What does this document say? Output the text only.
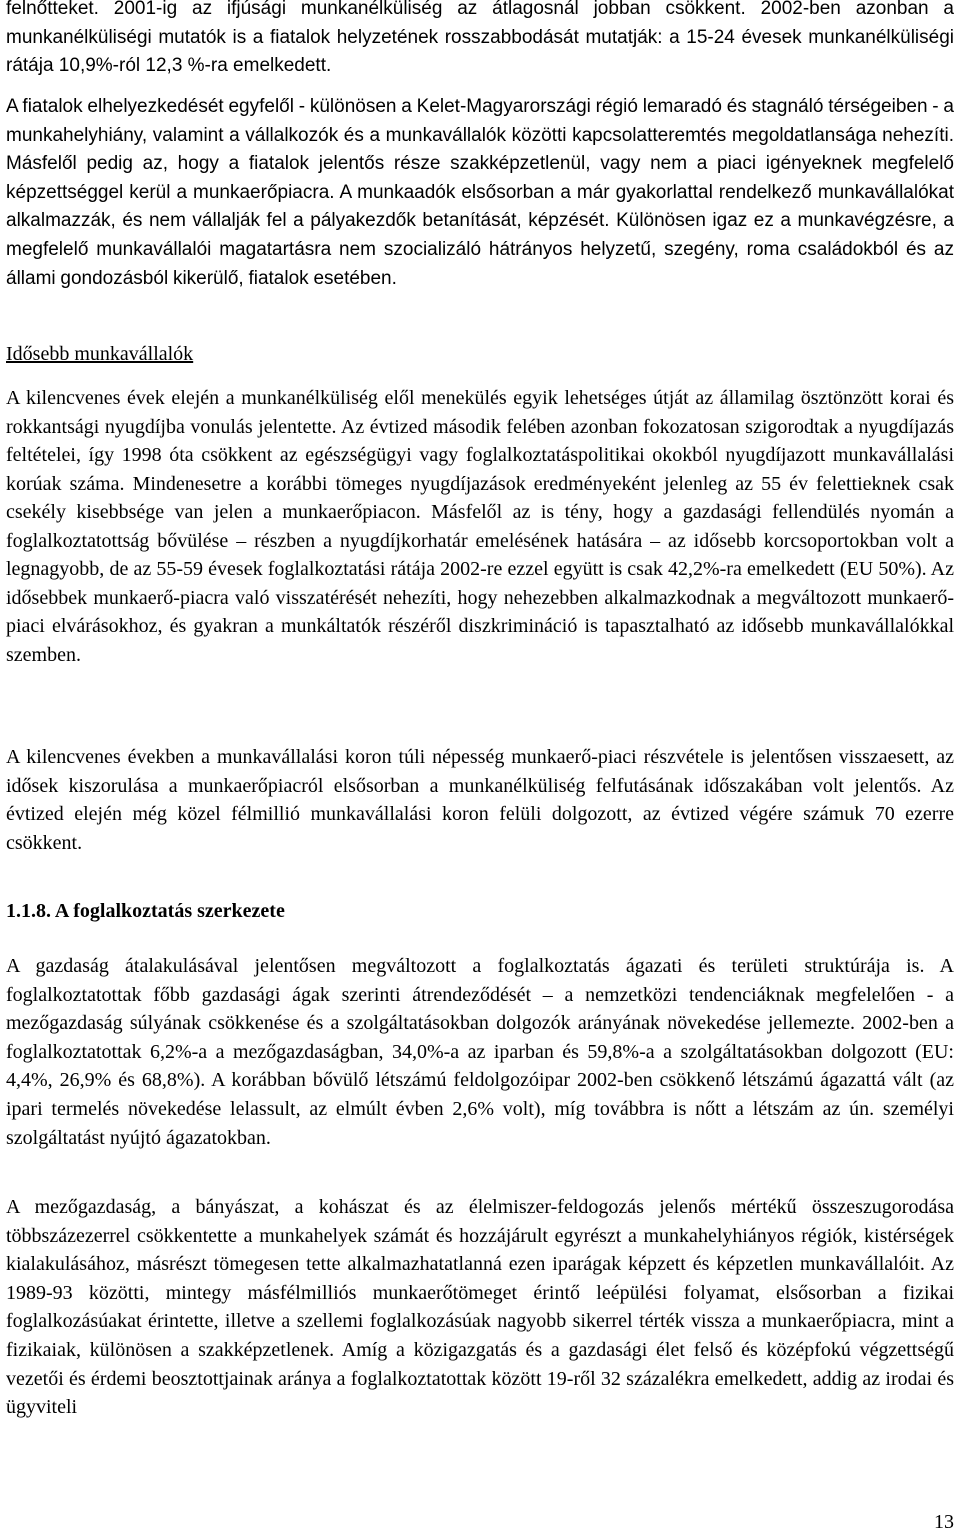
felnőtteket. 2001-ig az ifjúsági munkanélküliség az átlagosnál jobban csökkent. 2002-ben azonban a munkanélküliségi mutatók is a fiatalok helyzetének rosszabbodását mutatják: a 15-24 évesek munkanélküliségi rátája 10,9%-ról 12,3 %-ra emelkedett.

A fiatalok elhelyezkedését egyfelől - különösen a Kelet-Magyarországi régió lemaradó és stagnáló térségeiben - a munkahelyhiány, valamint a vállalkozók és a munkavállalók közötti kapcsolatteremtés megoldatlansága nehezíti. Másfelől pedig az, hogy a fiatalok jelentős része szakképzetlenül, vagy nem a piaci igényeknek megfelelő képzettséggel kerül a munkaerőpiacra. A munkaadók elsősorban a már gyakorlattal rendelkező munkavállalókat alkalmazzák, és nem vállalják fel a pályakezdők betanítását, képzését. Különösen igaz ez a munkavégzésre, a megfelelő munkavállalói magatartásra nem szocializáló hátrányos helyzetű, szegény, roma családokból és az állami gondozásból kikerülő, fiatalok esetében.

Idősebb munkavállalók

A kilencvenes évek elején a munkanélküliség elől menekülés egyik lehetséges útját az államilag ösztönzött korai és rokkantsági nyugdíjba vonulás jelentette. Az évtized második felében azonban fokozatosan szigorodtak a nyugdíjazás feltételei, így 1998 óta csökkent az egészségügyi vagy foglalkoztatáspolitikai okokból nyugdíjazott munkavállalási korúak száma. Mindenesetre a korábbi tömeges nyugdíjazások eredményeként jelenleg az 55 év felettieknek csak csekély kisebbsége van jelen a munkaerőpiacon. Másfelől az is tény, hogy a gazdasági fellendülés nyomán a foglalkoztatottság bővülése – részben a nyugdíjkorhatár emelésének hatására – az idősebb korcsoportokban volt a legnagyobb, de az 55-59 évesek foglalkoztatási rátája 2002-re ezzel együtt is csak 42,2%-ra emelkedett (EU 50%). Az idősebbek munkaerő-piacra való visszatérését nehezíti, hogy nehezebben alkalmazkodnak a megváltozott munkaerő-piaci elvárásokhoz, és gyakran a munkáltatók részéről diszkrimináció is tapasztalható az idősebb munkavállalókkal szemben.

A kilencvenes években a munkavállalási koron túli népesség munkaerő-piaci részvétele is jelentősen visszaesett, az idősek kiszorulása a munkaerőpiacról elsősorban a munkanélküliség felfutásának időszakában volt jelentős. Az évtized elején még közel félmillió munkavállalási koron felüli dolgozott, az évtized végére számuk 70 ezerre csökkent.

1.1.8. A foglalkoztatás szerkezete

A gazdaság átalakulásával jelentősen megváltozott a foglalkoztatás ágazati és területi struktúrája is. A foglalkoztatottak főbb gazdasági ágak szerinti átrendeződését – a nemzetközi tendenciáknak megfelelően - a mezőgazdaság súlyának csökkenése és a szolgáltatásokban dolgozók arányának növekedése jellemezte. 2002-ben a foglalkoztatottak 6,2%-a a mezőgazdaságban, 34,0%-a az iparban és 59,8%-a a szolgáltatásokban dolgozott (EU: 4,4%, 26,9% és 68,8%). A korábban bővülő létszámú feldolgozóipar 2002-ben csökkenő létszámú ágazattá vált (az ipari termelés növekedése lelassult, az elmúlt évben 2,6% volt), míg továbbra is nőtt a létszám az ún. személyi szolgáltatást nyújtó ágazatokban.

A mezőgazdaság, a bányászat, a kohászat és az élelmiszer-feldogozás jelenős mértékű összeszugorodása többszázezerrel csökkentette a munkahelyek számát és hozzájárult egyrészt a munkahelyhiányos régiók, kistérségek kialakulásához, másrészt tömegesen tette alkalmazhatatlanná ezen iparágak képzett és képzetlen munkavállalóit. Az 1989-93 közötti, mintegy másfélmilliós munkaerőtömeget érintő leépülési folyamat, elsősorban a fizikai foglalkozásúakat érintette, illetve a szellemi foglalkozásúak nagyobb sikerrel térték vissza a munkaerőpiacra, mint a fizikaiak, különösen a szakképzetlenek. Amíg a közigazgatás és a gazdasági élet felső és középfokú végzettségű vezetői és érdemi beosztottjainak aránya a foglalkoztatottak között 19-ről 32 százalékra emelkedett, addig az irodai és ügyviteli

13
